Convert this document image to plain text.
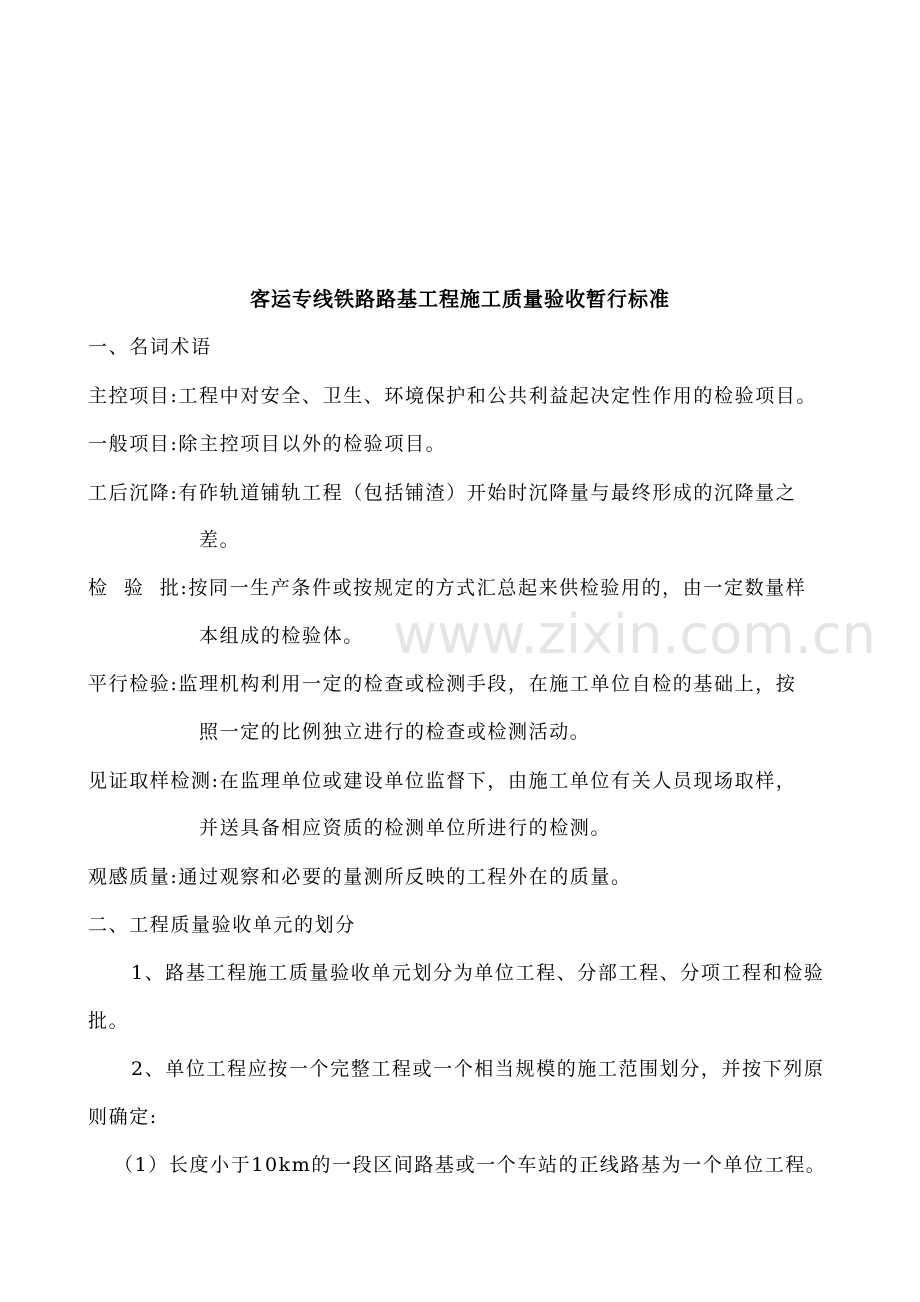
客运专线铁路路基工程施工质量验收暂行标准
一、名词术语
主控项目:工程中对安全、卫生、环境保护和公共利益起决定性作用的检验项目。
一般项目:除主控项目以外的检验项目。
工后沉降:有砟轨道铺轨工程（包括铺渣）开始时沉降量与最终形成的沉降量之
差。
检  验  批:按同一生产条件或按规定的方式汇总起来供检验用的，由一定数量样
本组成的检验体。
平行检验:监理机构利用一定的检查或检测手段，在施工单位自检的基础上，按
照一定的比例独立进行的检查或检测活动。
见证取样检测:在监理单位或建设单位监督下，由施工单位有关人员现场取样，
并送具备相应资质的检测单位所进行的检测。
观感质量:通过观察和必要的量测所反映的工程外在的质量。
二、工程质量验收单元的划分
1、路基工程施工质量验收单元划分为单位工程、分部工程、分项工程和检验
批。
2、单位工程应按一个完整工程或一个相当规模的施工范围划分，并按下列原
则确定:
（1）长度小于10km的一段区间路基或一个车站的正线路基为一个单位工程。
www.zixin.com.cn
